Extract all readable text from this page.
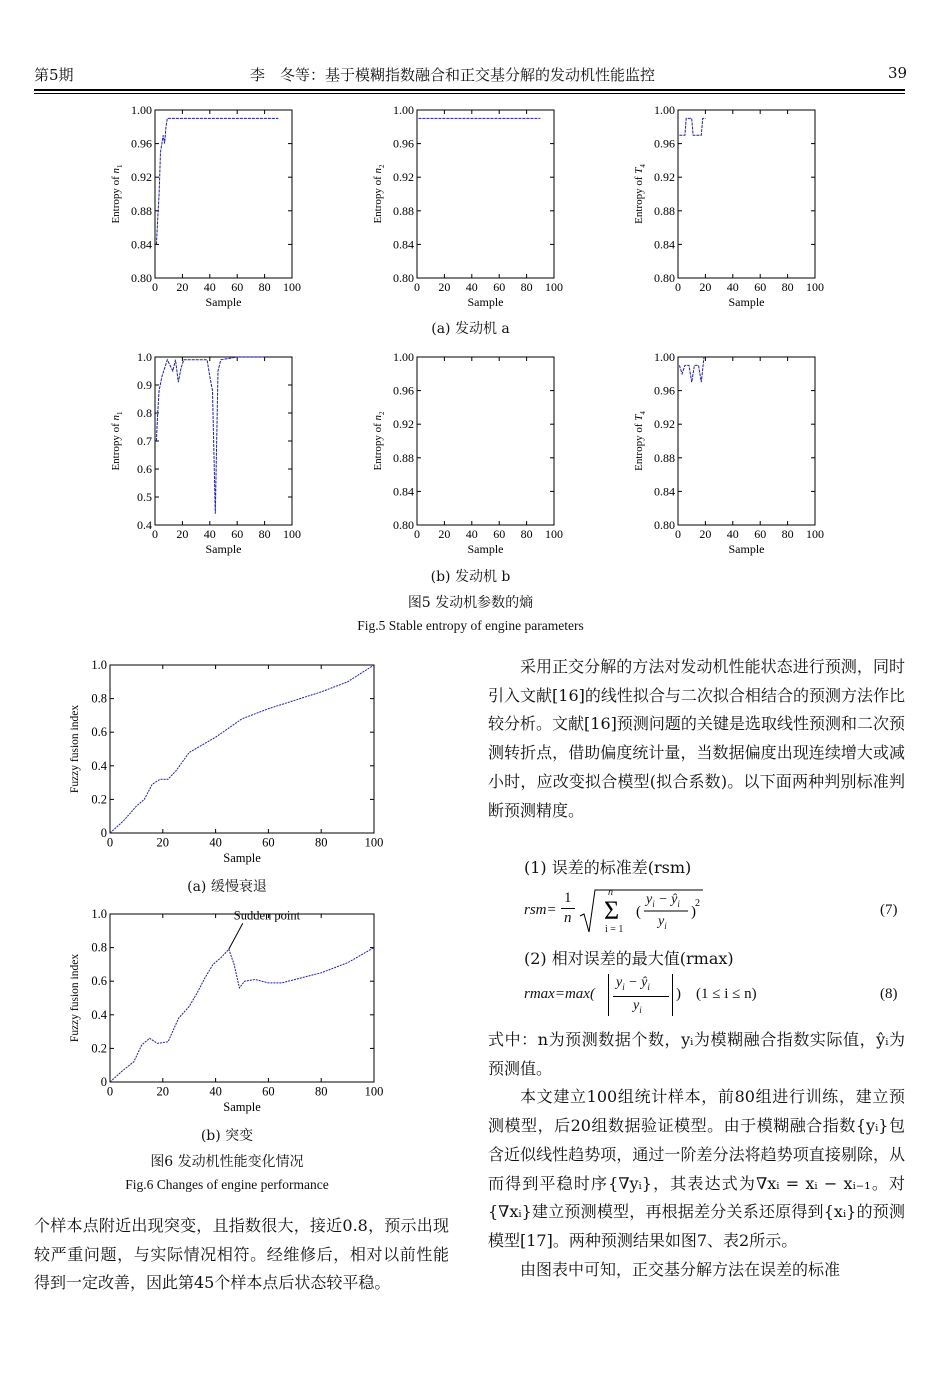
第5期	李　冬等：基于模糊指数融合和正交基分解的发动机性能监控	39
0.80
0.84
0.88
0.92
0.96
1.00
0 20 40 60 80 100
Sample
Entropy of $n_1$
0.80
0.84
0.88
0.92
0.96
1.00
0 20 40 60 80 100
Sample
Entropy of $n_2$
0.80
0.84
0.88
0.92
0.96
1.00
0 20 40 60 80 100
Sample
Entropy of $T_4$
(a) 发动机 a
0.4
0.5
0.6
0.7
0.8
0.9
1.0
0 20 40 60 80 100
Sample
Entropy of $n_1$
0.80
0.84
0.88
0.92
0.96
1.00
0 20 40 60 80 100
Sample
Entropy of $n_2$
0.80
0.84
0.88
0.92
0.96
1.00
0 20 40 60 80 100
Sample
Entropy of $T_4$
(b) 发动机 b
图5 发动机参数的熵
Fig.5 Stable entropy of engine parameters
0
0.2
0.4
0.6
0.8
1.0
0	20	40	60	80	100
Sample
Fuzzy fusion index
(a) 缓慢衰退
0
0.2
0.4
0.6
0.8
1.0
0	20	40	60	80	100
Sample
Fuzzy fusion index
Sudden point
(b) 突变
图6 发动机性能变化情况
Fig.6 Changes of engine performance

个样本点附近出现突变，且指数很大，接近0.8，预示出现较严重问题，与实际情况相符。经维修后，相对以前性能得到一定改善，因此第45个样本点后状态较平稳。

采用正交分解的方法对发动机性能状态进行预测，同时引入文献[16]的线性拟合与二次拟合相结合的预测方法作比较分析。文献[16]预测问题的关键是选取线性预测和二次预测转折点，借助偏度统计量，当数据偏度出现连续增大或减小时，应改变拟合模型(拟合系数)。以下面两种判别标准判断预测精度。

(1) 误差的标准差(rsm)
rsm=
1
n Σ (	)
2
n
i = 1
$y_i$ − $ŷ_i$
$y_i$
(7)
(2) 相对误差的最大值(rmax)
rmax=max(
$y_i$ − $ŷ_i$
$y_i$
) (1 ≤ i ≤ n)	(8)

式中：n为预测数据个数，yᵢ为模糊融合指数实际值，ŷᵢ为预测值。

本文建立100组统计样本，前80组进行训练，建立预测模型，后20组数据验证模型。由于模糊融合指数{yᵢ}包含近似线性趋势项，通过一阶差分法将趋势项直接剔除，从而得到平稳时序{∇yᵢ}，其表达式为∇xᵢ = xᵢ − xᵢ₋₁。对{∇xᵢ}建立预测模型，再根据差分关系还原得到{xᵢ}的预测模型[17]。两种预测结果如图7、表2所示。

由图表中可知，正交基分解方法在误差的标准
